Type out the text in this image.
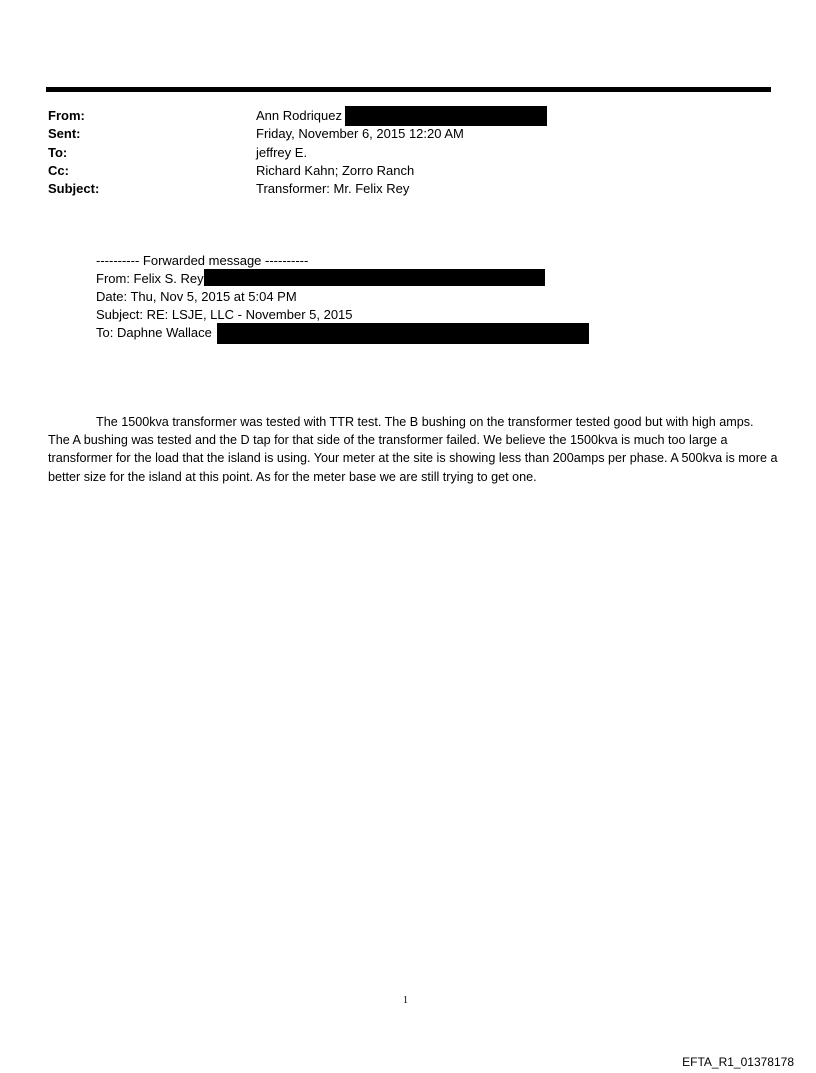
From:	Ann Rodriquez
Sent:	Friday, November 6, 2015 12:20 AM
To:	jeffrey E.
Cc:	Richard Kahn; Zorro Ranch
Subject:	Transformer: Mr. Felix Rey
---------- Forwarded message ----------
From: Felix S. Rey
Date: Thu, Nov 5, 2015 at 5:04 PM
Subject: RE: LSJE, LLC - November 5, 2015
To: Daphne Wallace

The 1500kva transformer was tested with TTR test. The B bushing on the transformer tested good but with high amps. The A bushing was tested and the D tap for that side of the transformer failed. We believe the 1500kva is much too large a transformer for the load that the island is using. Your meter at the site is showing less than 200amps per phase. A 500kva is more a better size for the island at this point. As for the meter base we are still trying to get one.

1
EFTA_R1_01378178
